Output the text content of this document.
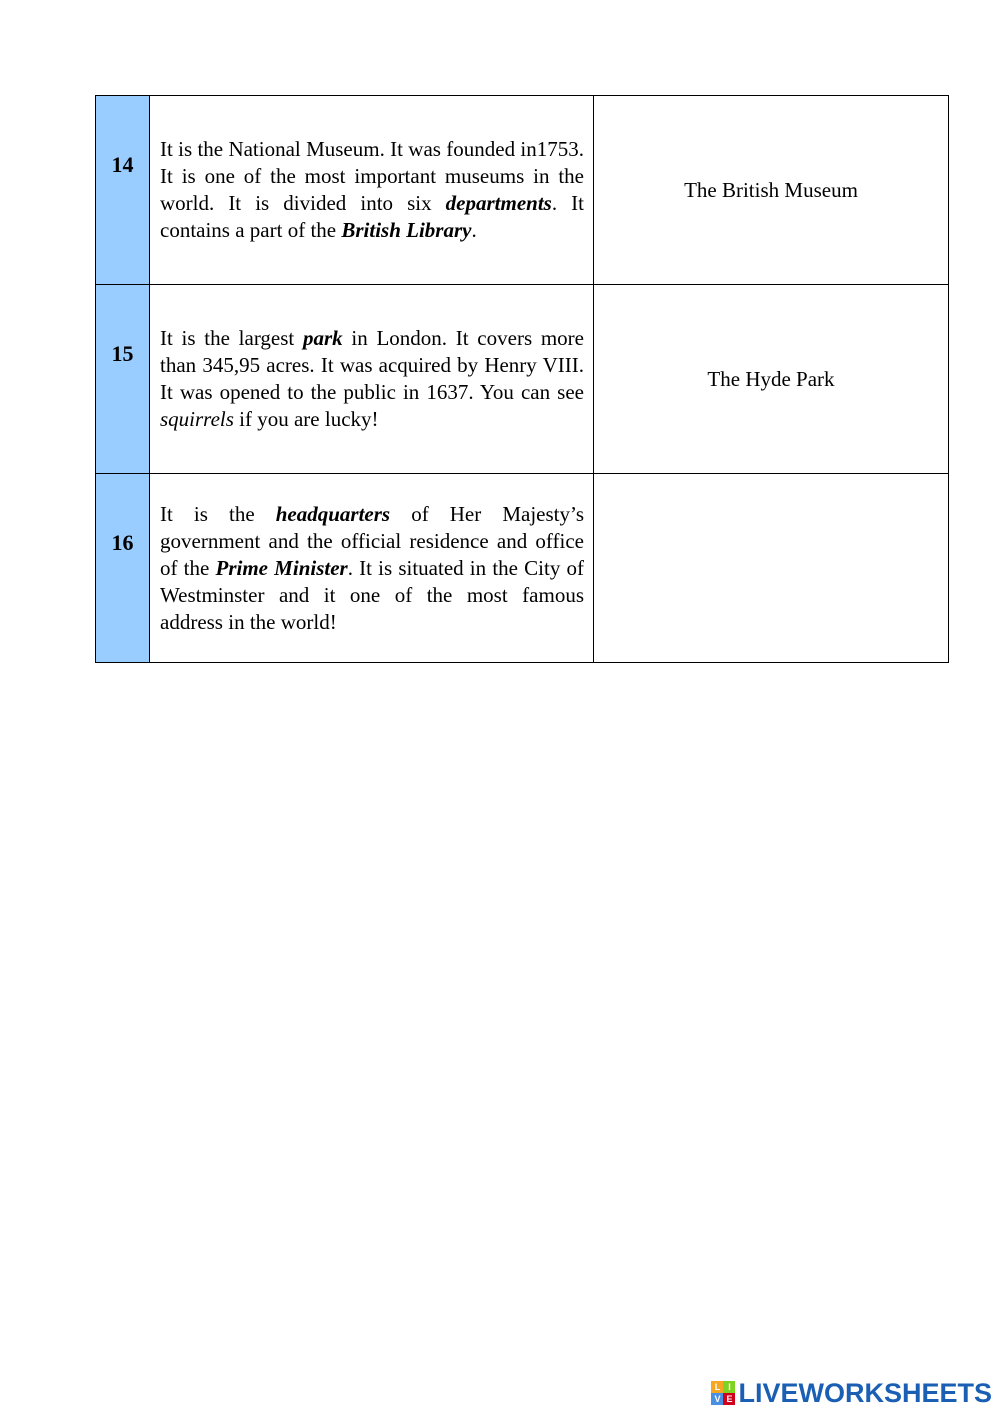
14	It is the National Museum. It was founded in1753. It is one of the most important museums in the world. It is divided into six departments. It contains a part of the British Library.	The British Museum

15	It is the largest park in London. It covers more than 345,95 acres. It was acquired by Henry VIII. It was opened to the public in 1637. You can see squirrels if you are lucky!	The Hyde Park

16	It is the headquarters of Her Majesty’s government and the official residence and office of the Prime Minister. It is situated in the City of Westminster and it one of the most famous address in the world!	
L I
V E LIVEWORKSHEETS
